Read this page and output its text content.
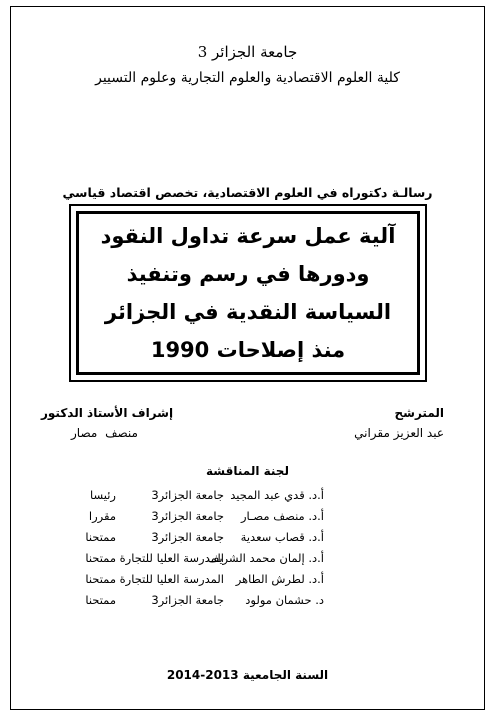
جامعة الجزائر 3
كلية العلوم الاقتصادية والعلوم التجارية وعلوم التسيير
رسالـة دكتوراه في العلوم الاقتصادية، تخصص اقتصاد قياسي
آلية عمل سرعة تداول النقود
ودورها في رسم وتنفيذ
السياسة النقدية في الجزائر
منذ إصلاحات 1990
المترشح
إشراف الأستاذ الدكتور
عبد العزيز مقراني
منصف مصار
لجنة المناقشة
أ.د. قدي عبد المجيد
جامعة الجزائر3
رئيسا
أ.د. منصف مصـار
جامعة الجزائر3
مقررا
أ.د. قصاب سعدية
جامعة الجزائر3
ممتحنا
أ.د. إلمان محمد الشريف
المدرسة العليا للتجارة
ممتحنا
أ.د. لطرش الطاهر
المدرسة العليا للتجارة
ممتحنا
د. حشمان مولود
جامعة الجزائر3
ممتحنا
السنة الجامعية 2013-2014
